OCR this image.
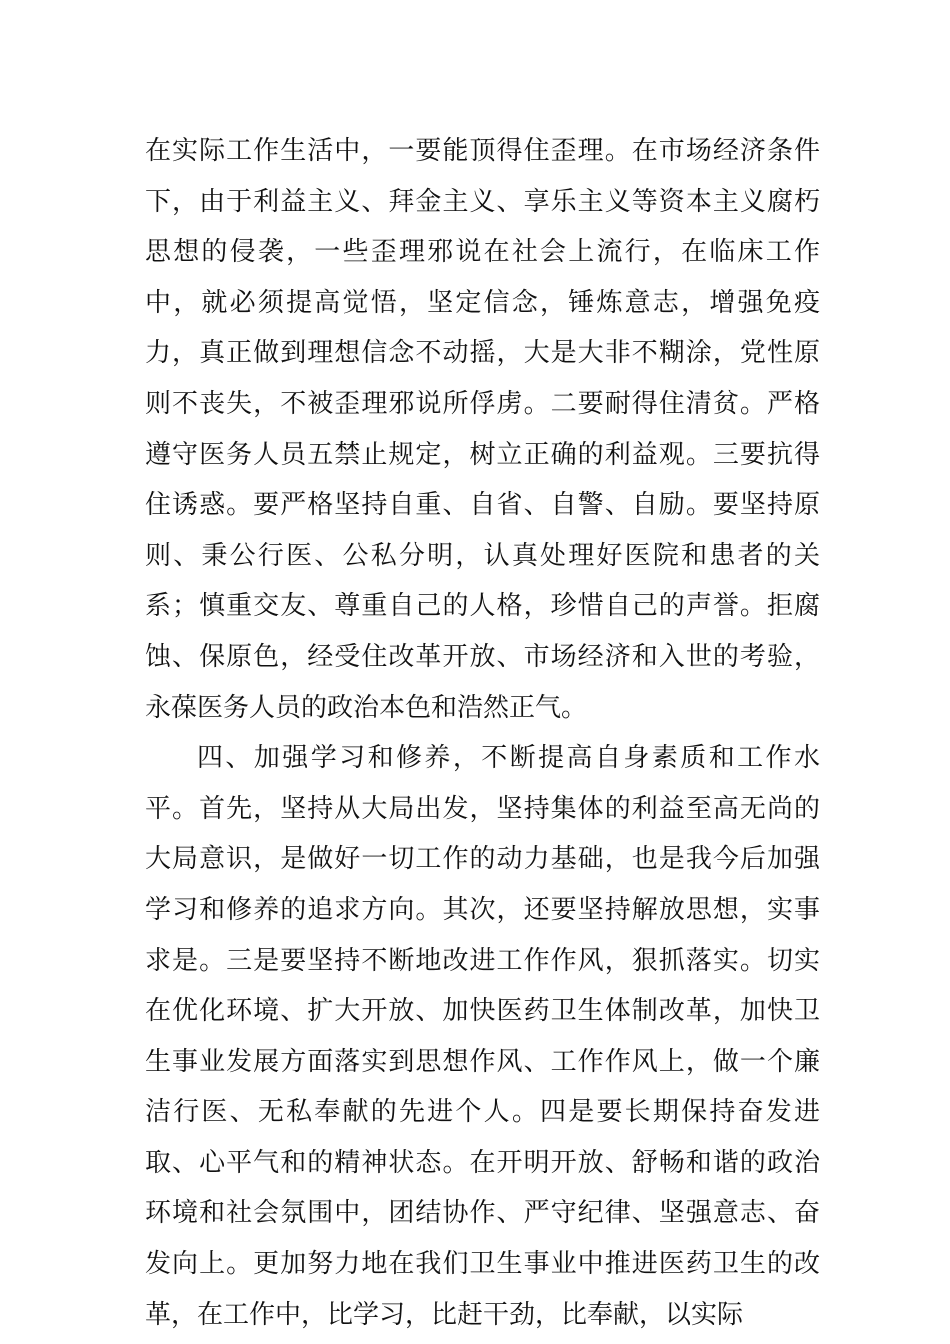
在实际工作生活中，一要能顶得住歪理。在市场经济条件下，由于利益主义、拜金主义、享乐主义等资本主义腐朽思想的侵袭，一些歪理邪说在社会上流行，在临床工作中，就必须提高觉悟，坚定信念，锤炼意志，增强免疫力，真正做到理想信念不动摇，大是大非不糊涂，党性原则不丧失，不被歪理邪说所俘虏。二要耐得住清贫。严格遵守医务人员五禁止规定，树立正确的利益观。三要抗得住诱惑。要严格坚持自重、自省、自警、自励。要坚持原则、秉公行医、公私分明，认真处理好医院和患者的关系；慎重交友、尊重自己的人格，珍惜自己的声誉。拒腐蚀、保原色，经受住改革开放、市场经济和入世的考验，永葆医务人员的政治本色和浩然正气。

四、加强学习和修养，不断提高自身素质和工作水平。首先，坚持从大局出发，坚持集体的利益至高无尚的大局意识，是做好一切工作的动力基础，也是我今后加强学习和修养的追求方向。其次，还要坚持解放思想，实事求是。三是要坚持不断地改进工作作风，狠抓落实。切实在优化环境、扩大开放、加快医药卫生体制改革，加快卫生事业发展方面落实到思想作风、工作作风上，做一个廉洁行医、无私奉献的先进个人。四是要长期保持奋发进取、心平气和的精神状态。在开明开放、舒畅和谐的政治环境和社会氛围中，团结协作、严守纪律、坚强意志、奋发向上。更加努力地在我们卫生事业中推进医药卫生的改革，在工作中，比学习，比赶干劲，比奉献，以实际
